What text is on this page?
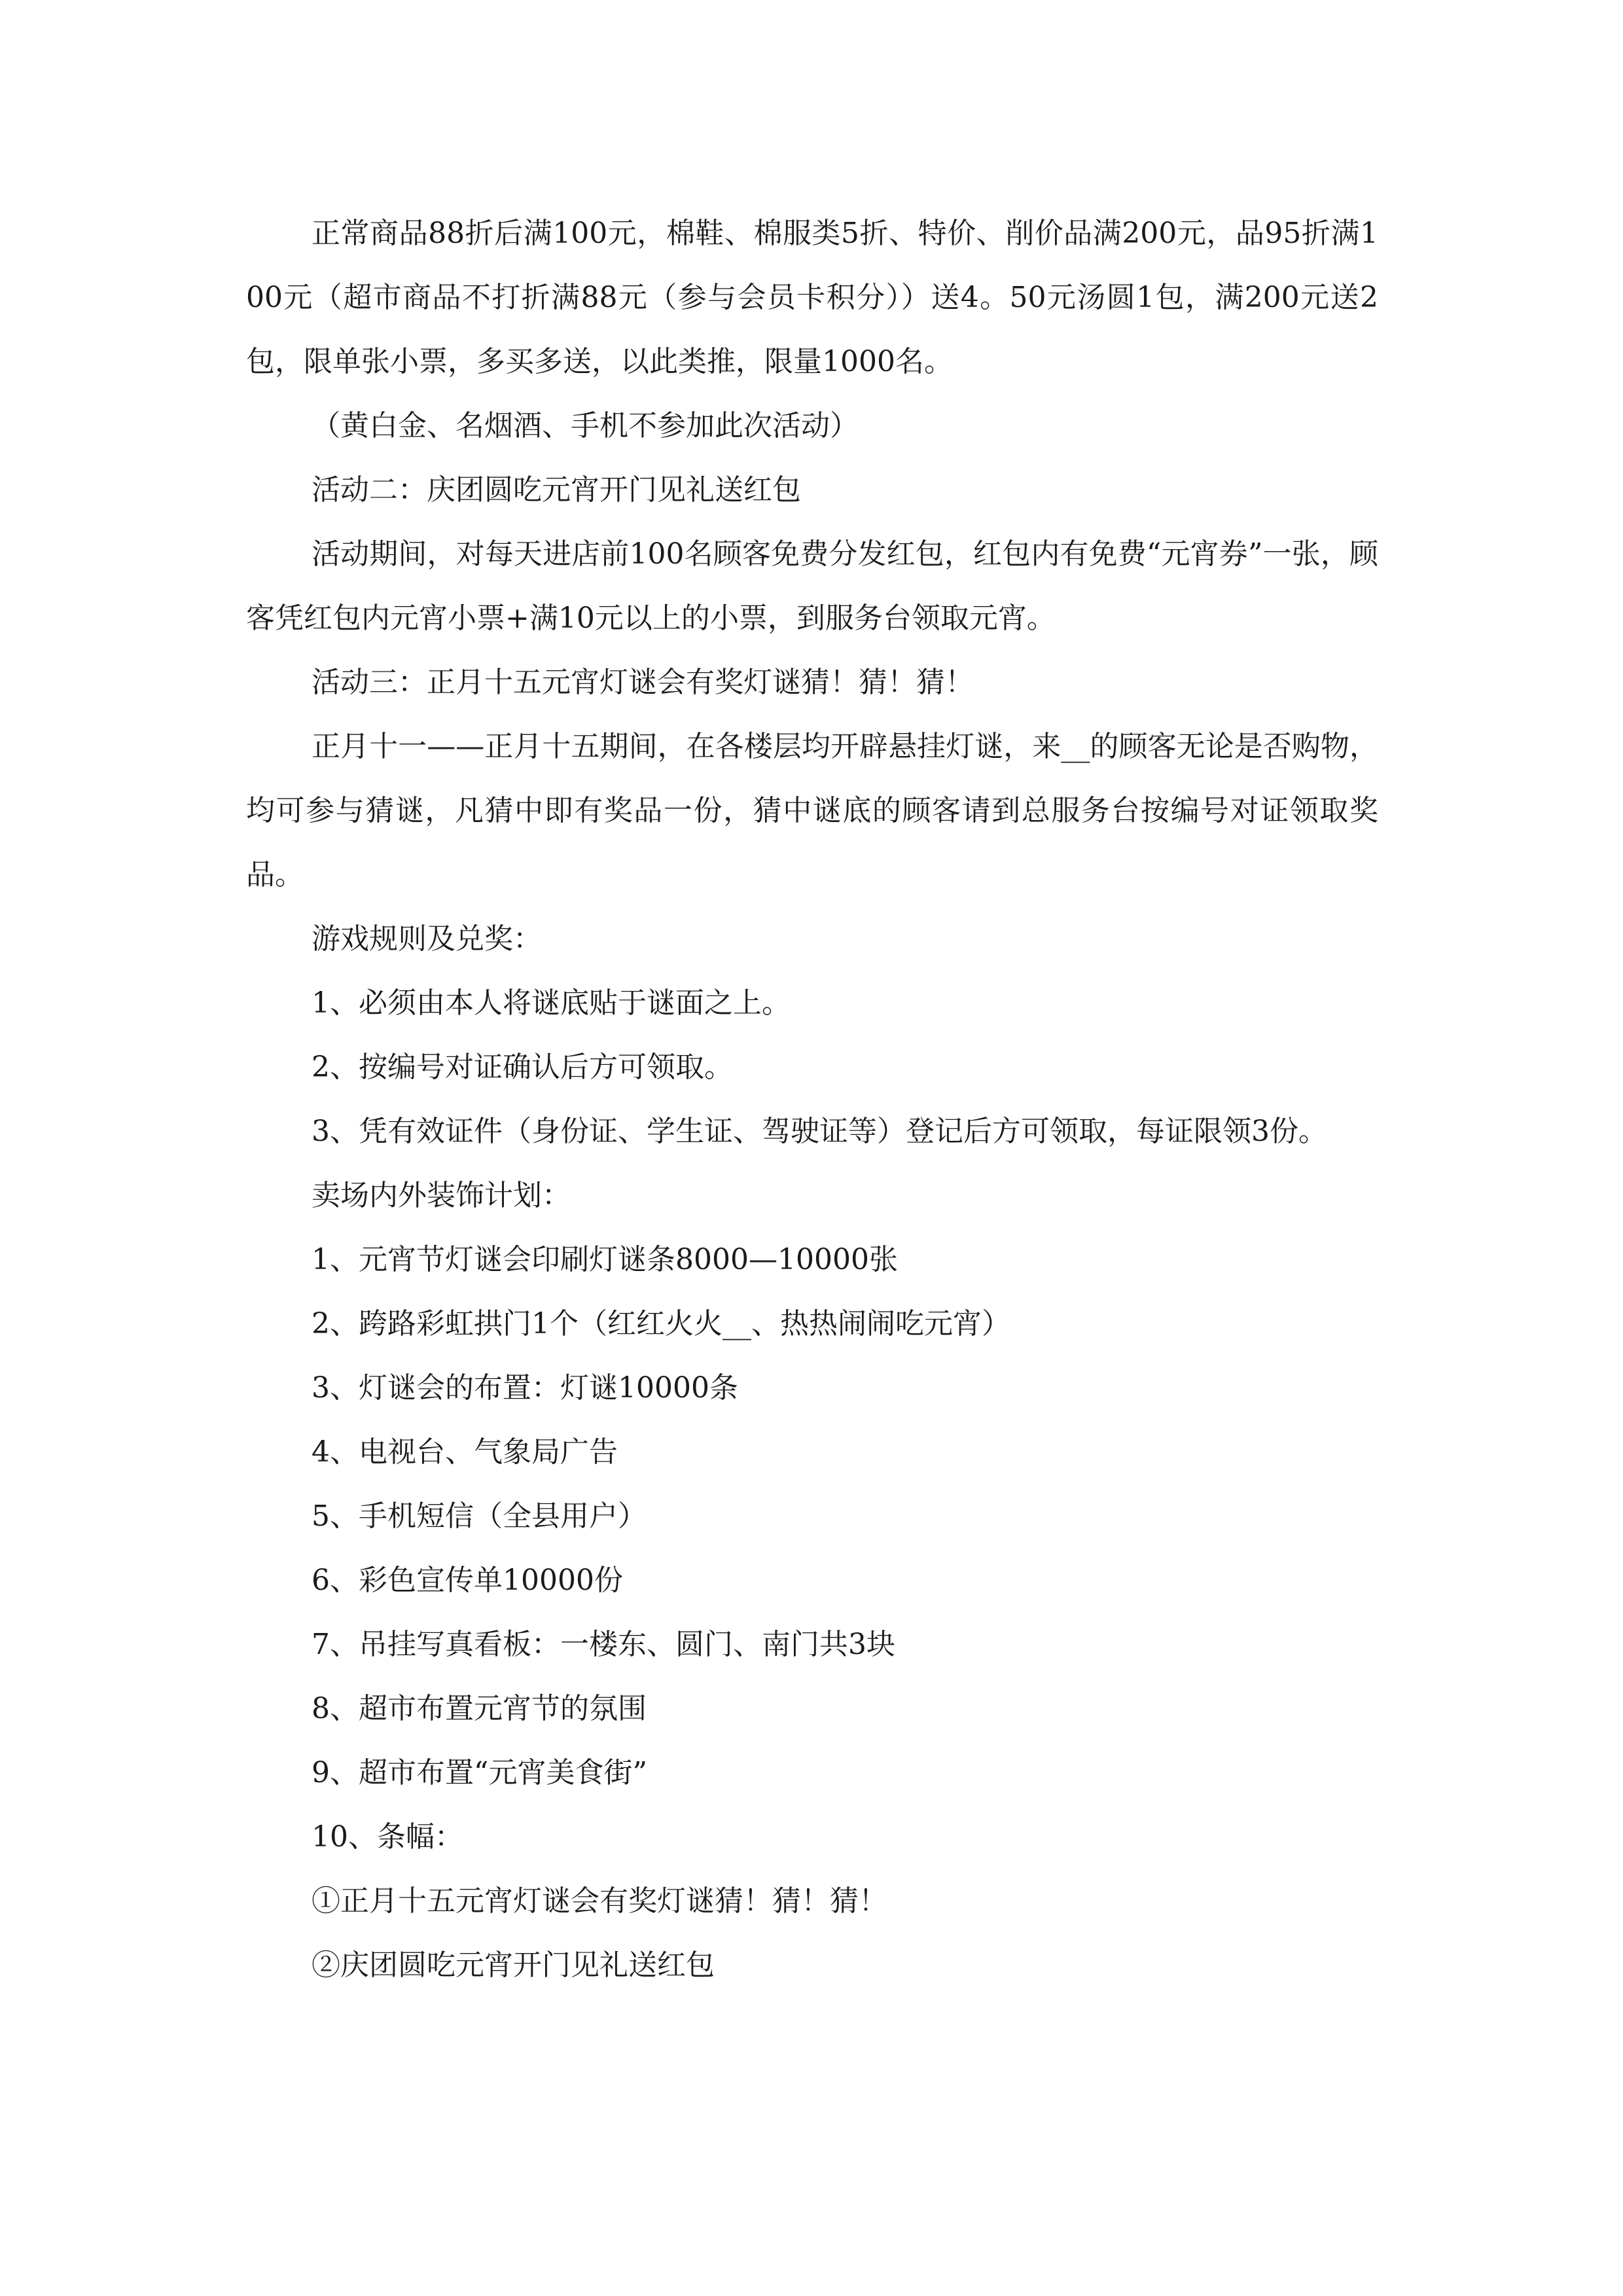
正常商品88折后满100元，棉鞋、棉服类5折、特价、削价品满200元，品95折满100元（超市商品不打折满88元（参与会员卡积分））送4。50元汤圆1包，满200元送2包，限单张小票，多买多送，以此类推，限量1000名。

（黄白金、名烟酒、手机不参加此次活动）

活动二：庆团圆吃元宵开门见礼送红包

活动期间，对每天进店前100名顾客免费分发红包，红包内有免费“元宵券”一张，顾客凭红包内元宵小票+满10元以上的小票，到服务台领取元宵。

活动三：正月十五元宵灯谜会有奖灯谜猜！猜！猜！

正月十一——正月十五期间，在各楼层均开辟悬挂灯谜，来__的顾客无论是否购物，均可参与猜谜，凡猜中即有奖品一份，猜中谜底的顾客请到总服务台按编号对证领取奖品。

游戏规则及兑奖：

1、必须由本人将谜底贴于谜面之上。

2、按编号对证确认后方可领取。

3、凭有效证件（身份证、学生证、驾驶证等）登记后方可领取，每证限领3份。

卖场内外装饰计划：

1、元宵节灯谜会印刷灯谜条8000—10000张

2、跨路彩虹拱门1个（红红火火__、热热闹闹吃元宵）

3、灯谜会的布置：灯谜10000条

4、电视台、气象局广告

5、手机短信（全县用户）

6、彩色宣传单10000份

7、吊挂写真看板：一楼东、圆门、南门共3块

8、超市布置元宵节的氛围

9、超市布置“元宵美食街”

10、条幅：

①正月十五元宵灯谜会有奖灯谜猜！猜！猜！

②庆团圆吃元宵开门见礼送红包
